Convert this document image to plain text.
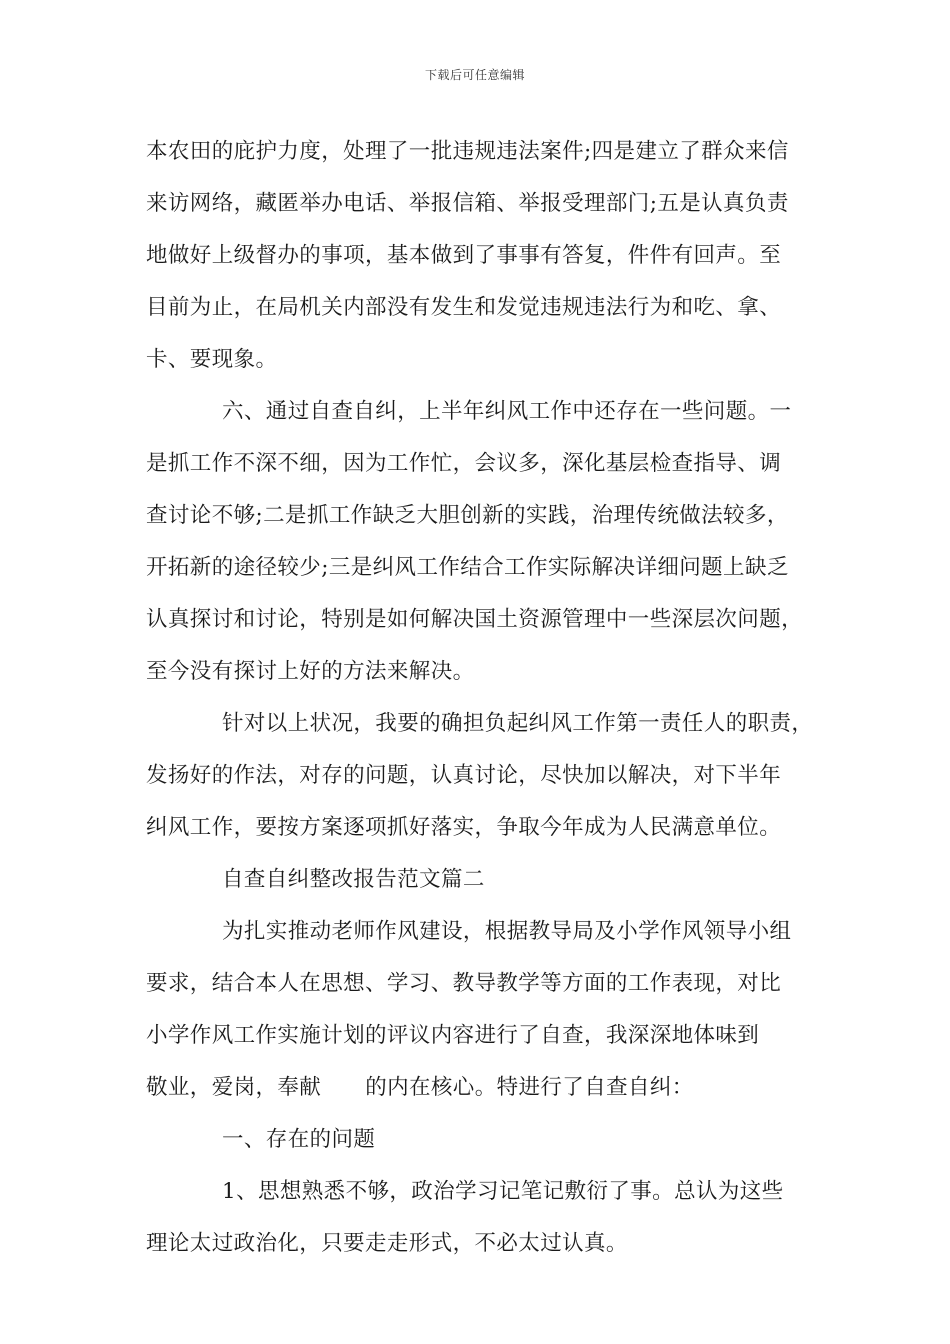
下载后可任意编辑
本农田的庇护力度，处理了一批违规违法案件;四是建立了群众来信
来访网络，藏匿举办电话、举报信箱、举报受理部门;五是认真负责
地做好上级督办的事项，基本做到了事事有答复，件件有回声。至
目前为止，在局机关内部没有发生和发觉违规违法行为和吃、拿、
卡、要现象。
六、通过自查自纠，上半年纠风工作中还存在一些问题。一
是抓工作不深不细，因为工作忙，会议多，深化基层检查指导、调
查讨论不够;二是抓工作缺乏大胆创新的实践，治理传统做法较多，
开拓新的途径较少;三是纠风工作结合工作实际解决详细问题上缺乏
认真探讨和讨论，特别是如何解决国土资源管理中一些深层次问题，
至今没有探讨上好的方法来解决。
针对以上状况，我要的确担负起纠风工作第一责任人的职责，
发扬好的作法，对存的问题，认真讨论，尽快加以解决，对下半年
纠风工作，要按方案逐项抓好落实，争取今年成为人民满意单位。
自查自纠整改报告范文篇二
为扎实推动老师作风建设，根据教导局及小学作风领导小组
要求，结合本人在思想、学习、教导教学等方面的工作表现，对比
小学作风工作实施计划的评议内容进行了自查，我深深地体味到
敬业，爱岗，奉献 的内在核心。特进行了自查自纠：
一、存在的问题
1、思想熟悉不够，政治学习记笔记敷衍了事。总认为这些
理论太过政治化，只要走走形式，不必太过认真。
